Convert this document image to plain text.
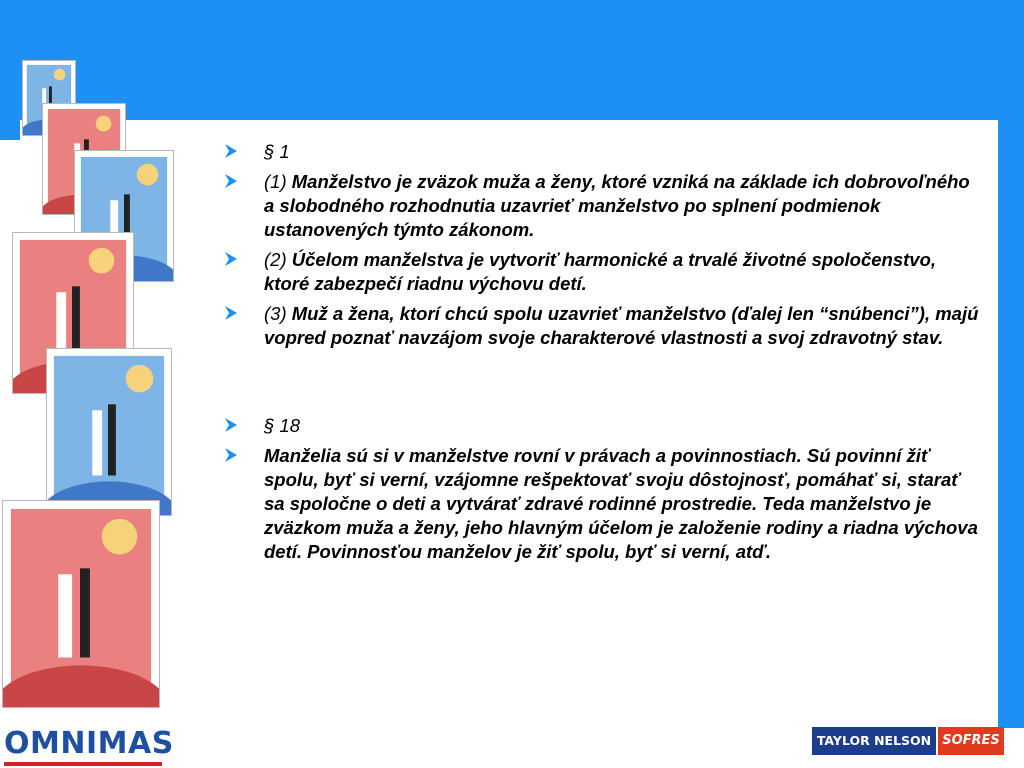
§ 1
(1) Manželstvo je zväzok muža a ženy, ktoré vzniká na základe ich dobrovoľného a slobodného rozhodnutia uzavrieť manželstvo po splnení podmienok ustanovených týmto zákonom.
(2) Účelom manželstva je vytvoriť harmonické a trvalé životné spoločenstvo, ktoré zabezpečí riadnu výchovu detí.
(3) Muž a žena, ktorí chcú spolu uzavrieť manželstvo (ďalej len “snúbenci”), majú vopred poznať navzájom svoje charakterové vlastnosti a svoj zdravotný stav.
§ 18
Manželia sú si v manželstve rovní v právach a povinnostiach. Sú povinní žiť spolu, byť si verní, vzájomne rešpektovať svoju dôstojnosť, pomáhať si, starať sa spoločne o deti a vytvárať zdravé rodinné prostredie. Teda manželstvo je zväzkom muža a ženy, jeho hlavným účelom je založenie rodiny a riadna výchova detí. Povinnosťou manželov je žiť spolu, byť si verní, atď.
OMNIMAS	TAYLOR NELSON SOFRES
